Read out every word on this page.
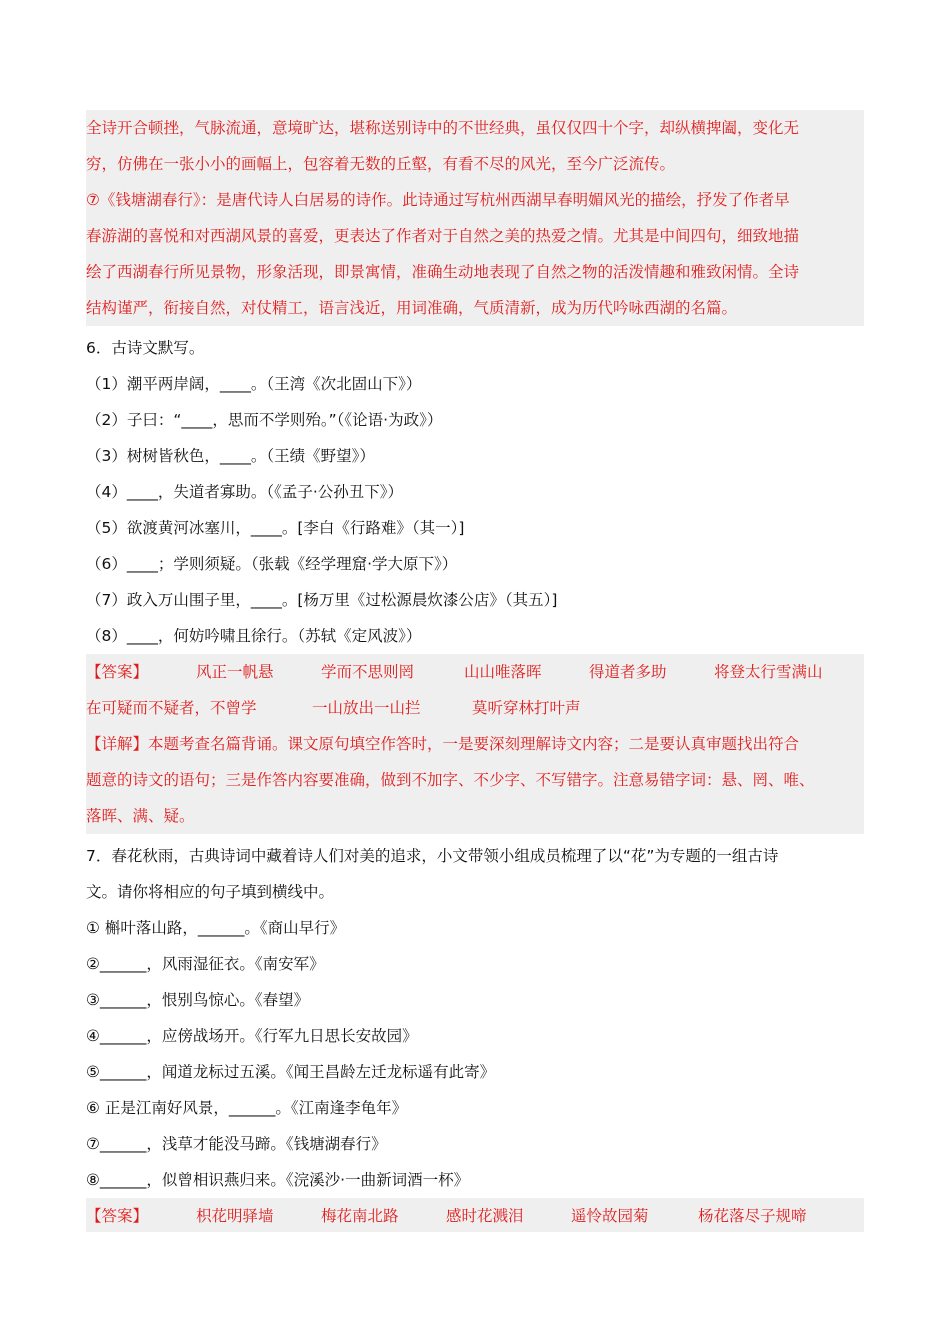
全诗开合顿挫，气脉流通，意境旷达，堪称送别诗中的不世经典，虽仅仅四十个字，却纵横捭阖，变化无
穷，仿佛在一张小小的画幅上，包容着无数的丘壑，有看不尽的风光，至今广泛流传。
⑦《钱塘湖春行》：是唐代诗人白居易的诗作。此诗通过写杭州西湖早春明媚风光的描绘，抒发了作者早
春游湖的喜悦和对西湖风景的喜爱，更表达了作者对于自然之美的热爱之情。尤其是中间四句，细致地描
绘了西湖春行所见景物，形象活现，即景寓情，准确生动地表现了自然之物的活泼情趣和雅致闲情。全诗
结构谨严，衔接自然，对仗精工，语言浅近，用词准确，气质清新，成为历代吟咏西湖的名篇。
6．古诗文默写。
（1）潮平两岸阔，____。（王湾《次北固山下》）
（2）子曰：“____，思而不学则殆。”（《论语·为政》）
（3）树树皆秋色，____。（王绩《野望》）
（4）____，失道者寡助。（《孟子·公孙丑下》）
（5）欲渡黄河冰塞川，____。[李白《行路难》（其一）]
（6）____；学则须疑。（张载《经学理窟·学大原下》）
（7）政入万山围子里，____。[杨万里《过松源晨炊漆公店》（其五）]
（8）____，何妨吟啸且徐行。（苏轼《定风波》）
【答案】	风正一帆悬	学而不思则罔	山山唯落晖	得道者多助	将登太行雪满山
在可疑而不疑者，不曾学	一山放出一山拦	莫听穿林打叶声
【详解】本题考查名篇背诵。课文原句填空作答时，一是要深刻理解诗文内容；二是要认真审题找出符合
题意的诗文的语句；三是作答内容要准确，做到不加字、不少字、不写错字。注意易错字词：悬、罔、唯、
落晖、满、疑。
7．春花秋雨，古典诗词中藏着诗人们对美的追求，小文带领小组成员梳理了以“花”为专题的一组古诗
文。请你将相应的句子填到横线中。
① 槲叶落山路，______。《商山早行》
②______，风雨湿征衣。《南安军》
③______，恨别鸟惊心。《春望》
④______，应傍战场开。《行军九日思长安故园》
⑤______，闻道龙标过五溪。《闻王昌龄左迁龙标遥有此寄》
⑥ 正是江南好风景，______。《江南逢李龟年》
⑦______，浅草才能没马蹄。《钱塘湖春行》
⑧______，似曾相识燕归来。《浣溪沙·一曲新词酒一杯》
【答案】	枳花明驿墙	梅花南北路	感时花溅泪	遥怜故园菊	杨花落尽子规啼
